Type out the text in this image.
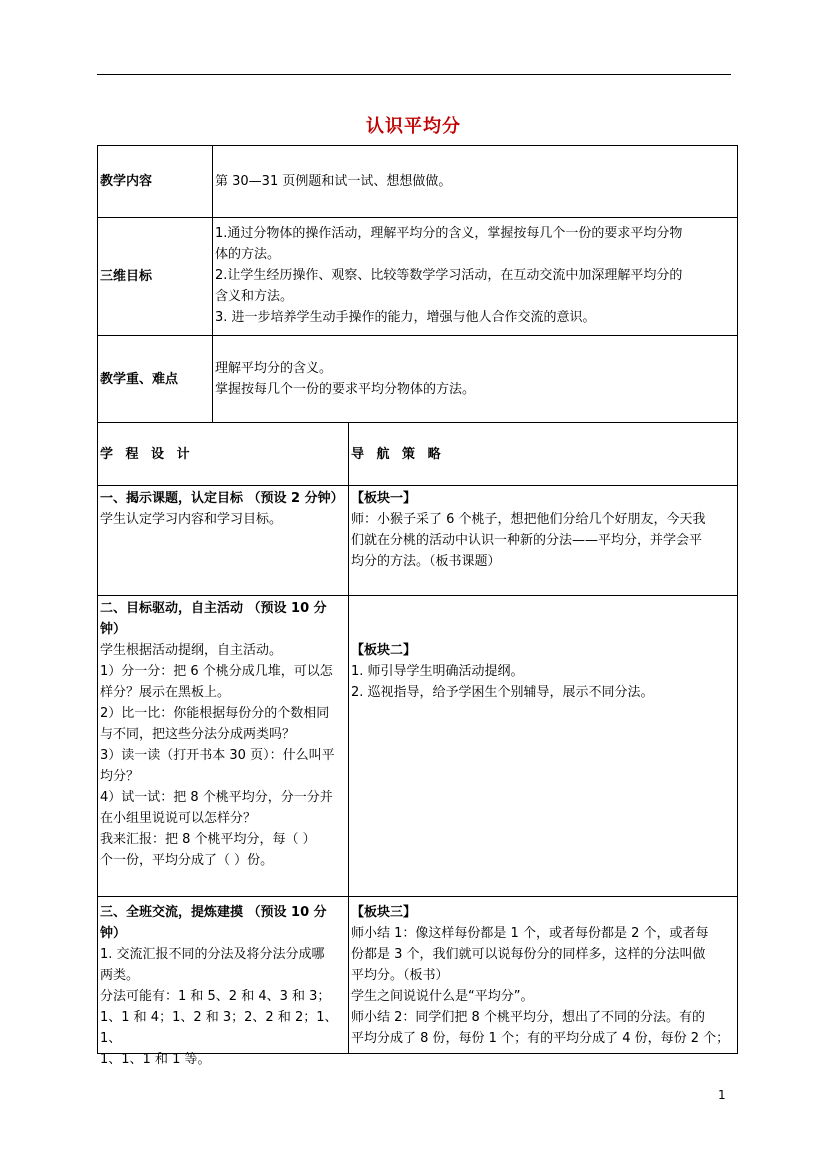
认识平均分
教学内容	第 30—31 页例题和试一试、想想做做。
三维目标
1.通过分物体的操作活动，理解平均分的含义，掌握按每几个一份的要求平均分物
体的方法。
2.让学生经历操作、观察、比较等数学学习活动，在互动交流中加深理解平均分的
含义和方法。
3. 进一步培养学生动手操作的能力，增强与他人合作交流的意识。
教学重、难点
理解平均分的含义。
掌握按每几个一份的要求平均分物体的方法。
学 程 设 计	导 航 策 略
一、揭示课题，认定目标 （预设 2 分钟）
学生认定学习内容和学习目标。
【板块一】
师：小猴子采了 6 个桃子，想把他们分给几个好朋友，今天我
们就在分桃的活动中认识一种新的分法——平均分，并学会平
均分的方法。（板书课题）
二、目标驱动，自主活动 （预设 10 分
钟）
学生根据活动提纲，自主活动。
1）分一分：把 6 个桃分成几堆，可以怎
样分？展示在黑板上。
2）比一比：你能根据每份分的个数相同
与不同，把这些分法分成两类吗？
3）读一读（打开书本 30 页）：什么叫平
均分？
4）试一试：把 8 个桃平均分，分一分并
在小组里说说可以怎样分？
我来汇报：把 8 个桃平均分，每（ ）
个一份，平均分成了（ ）份。
【板块二】
1. 师引导学生明确活动提纲。
2. 巡视指导，给予学困生个别辅导，展示不同分法。
三、全班交流，提炼建摸 （预设 10 分
钟）
1. 交流汇报不同的分法及将分法分成哪
两类。
分法可能有：1 和 5、2 和 4、3 和 3；
1、1 和 4；1、2 和 3；2、2 和 2；1、1、
1、1、1 和 1 等。
【板块三】
师小结 1：像这样每份都是 1 个，或者每份都是 2 个，或者每
份都是 3 个，我们就可以说每份分的同样多，这样的分法叫做
平均分。（板书）
学生之间说说什么是“平均分”。
师小结 2：同学们把 8 个桃平均分，想出了不同的分法。有的
平均分成了 8 份，每份 1 个；有的平均分成了 4 份，每份 2 个；
1
